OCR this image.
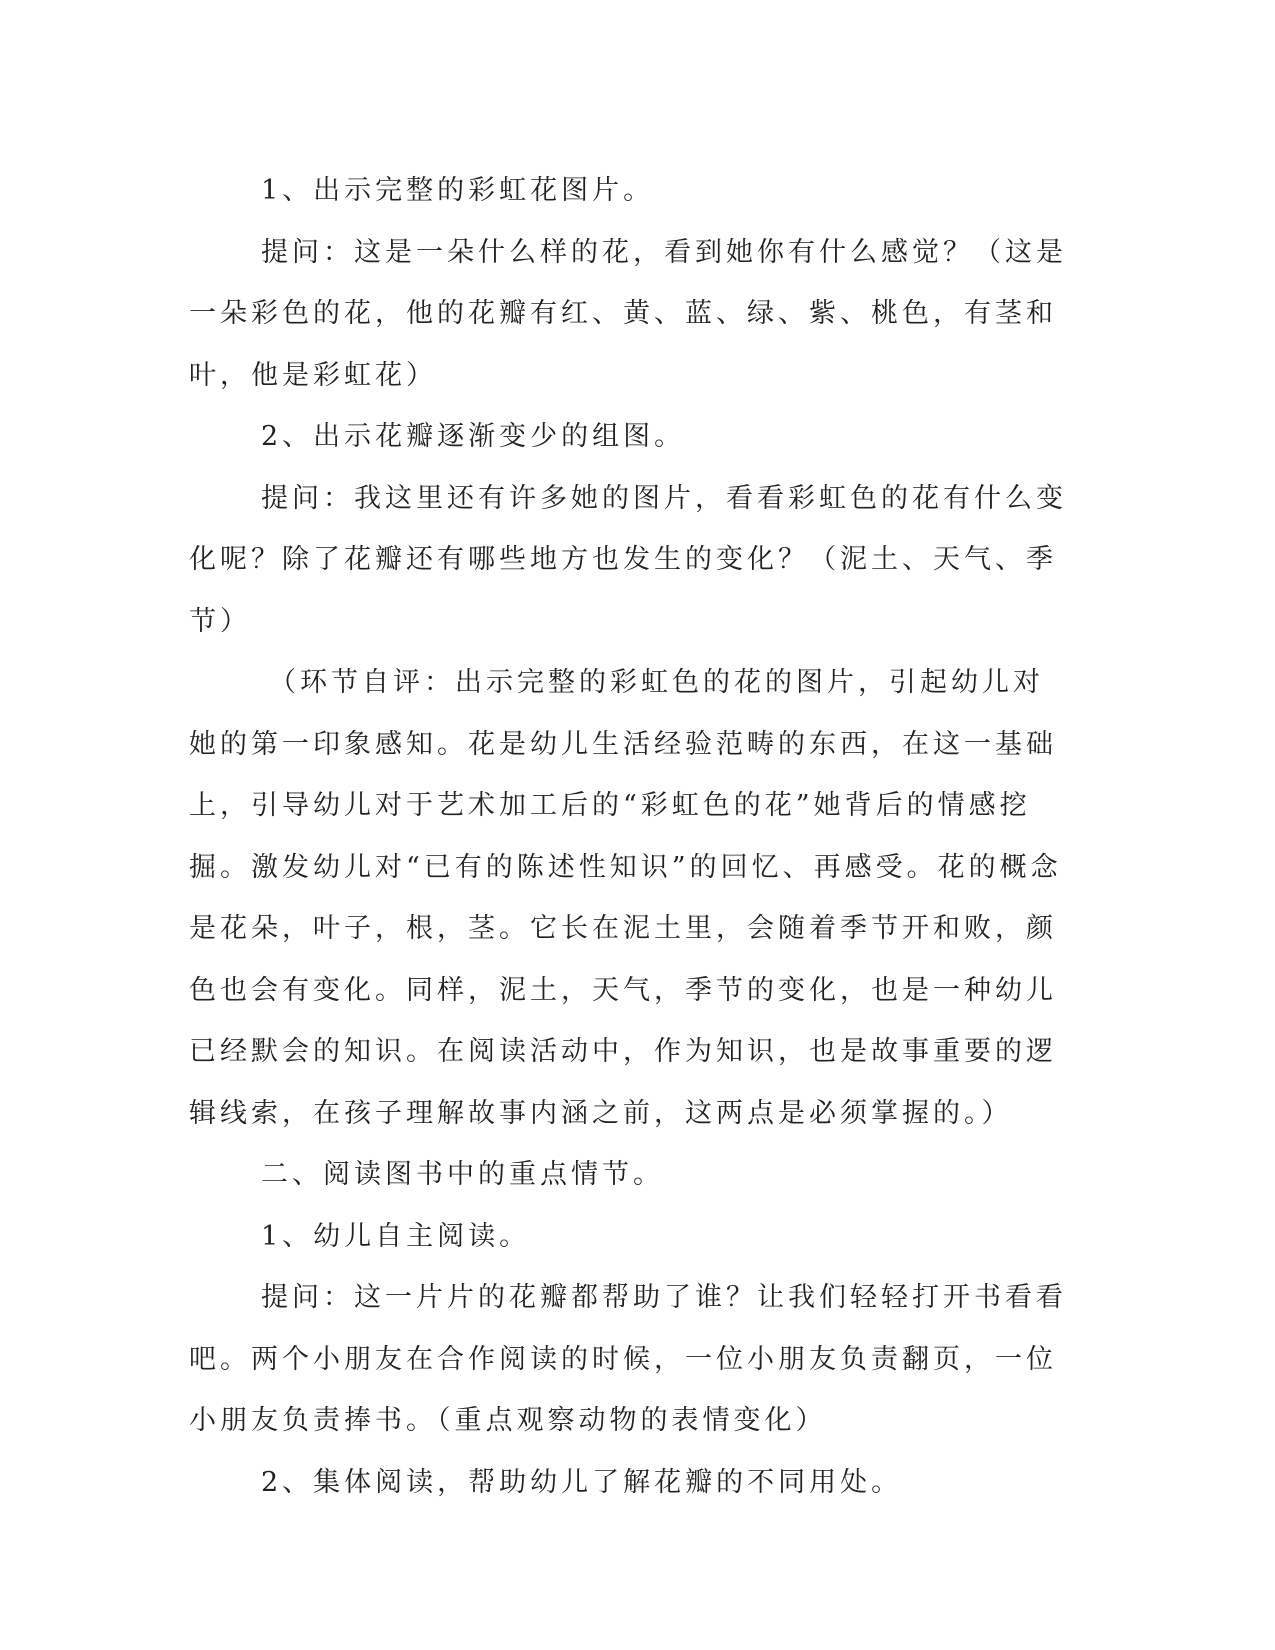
1、出示完整的彩虹花图片。

提问：这是一朵什么样的花，看到她你有什么感觉？（这是一朵彩色的花，他的花瓣有红、黄、蓝、绿、紫、桃色，有茎和叶，他是彩虹花）

2、出示花瓣逐渐变少的组图。

提问：我这里还有许多她的图片，看看彩虹色的花有什么变化呢？除了花瓣还有哪些地方也发生的变化？（泥土、天气、季节）

（环节自评：出示完整的彩虹色的花的图片，引起幼儿对她的第一印象感知。花是幼儿生活经验范畴的东西，在这一基础上，引导幼儿对于艺术加工后的“彩虹色的花”她背后的情感挖掘。激发幼儿对“已有的陈述性知识”的回忆、再感受。花的概念是花朵，叶子，根，茎。它长在泥土里，会随着季节开和败，颜色也会有变化。同样，泥土，天气，季节的变化，也是一种幼儿已经默会的知识。在阅读活动中，作为知识，也是故事重要的逻辑线索，在孩子理解故事内涵之前，这两点是必须掌握的。）

二、阅读图书中的重点情节。

1、幼儿自主阅读。

提问：这一片片的花瓣都帮助了谁？让我们轻轻打开书看看吧。两个小朋友在合作阅读的时候，一位小朋友负责翻页，一位小朋友负责捧书。（重点观察动物的表情变化）

2、集体阅读，帮助幼儿了解花瓣的不同用处。
